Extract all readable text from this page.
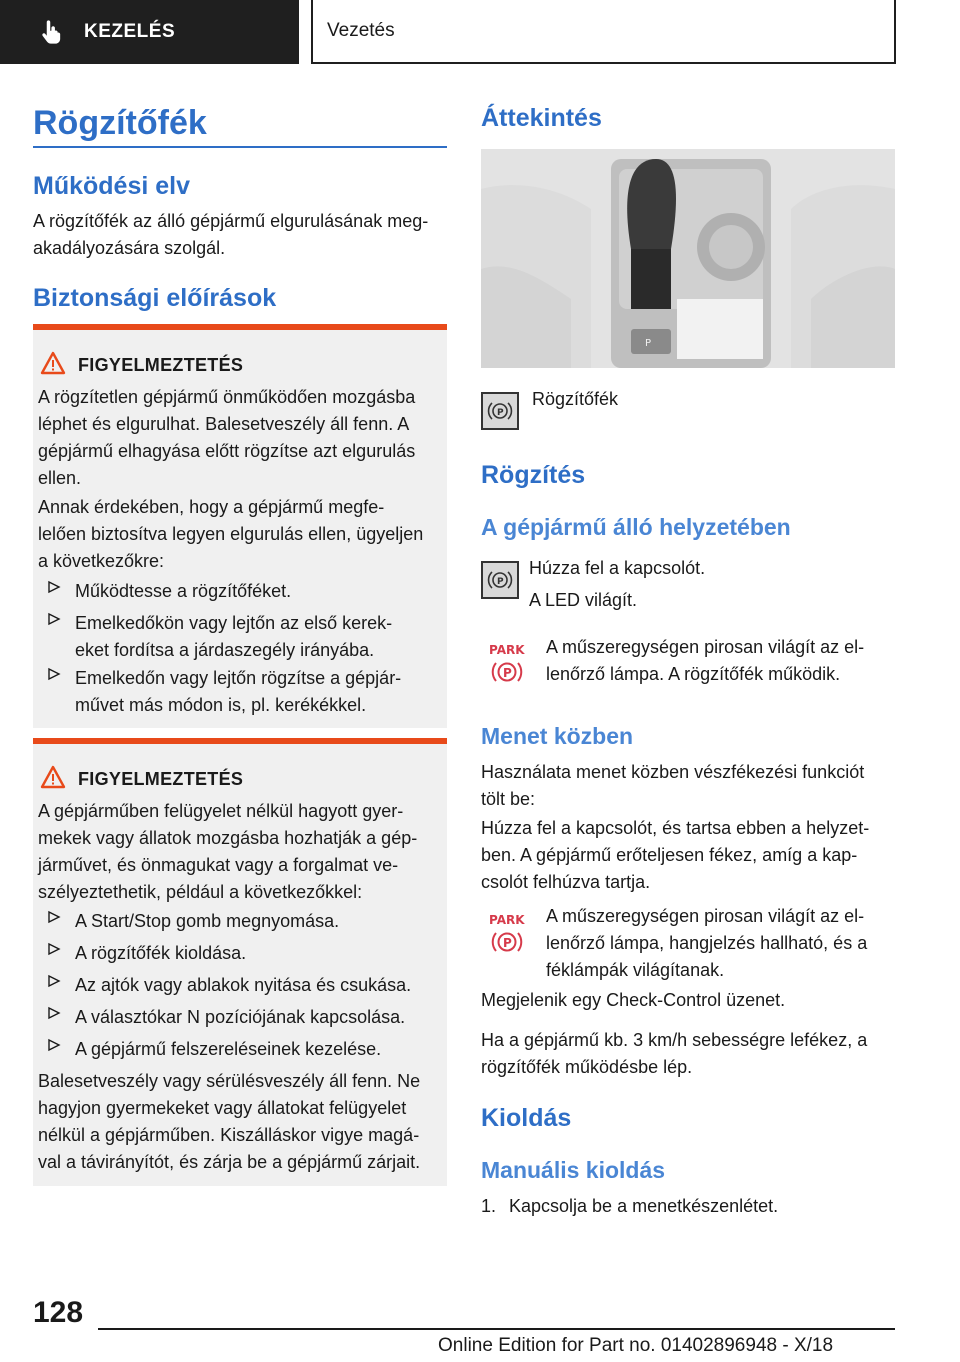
KEZELÉS	Vezetés
Rögzítőfék
Működési elv

A rögzítőfék az álló gépjármű elgurulásának meg-

akadályozására szolgál.

Biztonsági előírások
FIGYELMEZTETÉS

A rögzítetlen gépjármű önműködően mozgásba

léphet és elgurulhat. Balesetveszély áll fenn. A

gépjármű elhagyása előtt rögzítse azt elgurulás

ellen.

Annak érdekében, hogy a gépjármű megfe-

lelően biztosítva legyen elgurulás ellen, ügyeljen

a következőkre:

Működtesse a rögzítőféket.
Emelkedőkön vagy lejtőn az első kerek-

eket fordítsa a járdaszegély irányába.

Emelkedőn vagy lejtőn rögzítse a gépjár-

művet más módon is, pl. kerékékkel.

FIGYELMEZTETÉS

A gépjárműben felügyelet nélkül hagyott gyer-

mekek vagy állatok mozgásba hozhatják a gép-

járművet, és önmagukat vagy a forgalmat ve-

szélyeztethetik, például a következőkkel:

A Start/Stop gomb megnyomása.
A rögzítőfék kioldása.
Az ajtók vagy ablakok nyitása és csukása.
A választókar N pozíciójának kapcsolása.
A gépjármű felszereléseinek kezelése.

Balesetveszély vagy sérülésveszély áll fenn. Ne

hagyjon gyermekeket vagy állatokat felügyelet

nélkül a gépjárműben. Kiszálláskor vigye magá-

val a távirányítót, és zárja be a gépjármű zárjait.

Áttekintés
P
P

Rögzítőfék

Rögzítés
A gépjármű álló helyzetében
P

Húzza fel a kapcsolót.

A LED világít.

PARK
P

A műszeregységen pirosan világít az el-

lenőrző lámpa. A rögzítőfék működik.

Menet közben

Használata menet közben vészfékezési funkciót

tölt be:

Húzza fel a kapcsolót, és tartsa ebben a helyzet-

ben. A gépjármű erőteljesen fékez, amíg a kap-

csolót felhúzva tartja.

PARK
P

A műszeregységen pirosan világít az el-

lenőrző lámpa, hangjelzés hallható, és a

féklámpák világítanak.

Megjelenik egy Check-Control üzenet.

Ha a gépjármű kb. 3 km/h sebességre lefékez, a

rögzítőfék működésbe lép.

Kioldás
Manuális kioldás

1. Kapcsolja be a menetkészenlétet.

128
Online Edition for Part no. 01402896948 - X/18
